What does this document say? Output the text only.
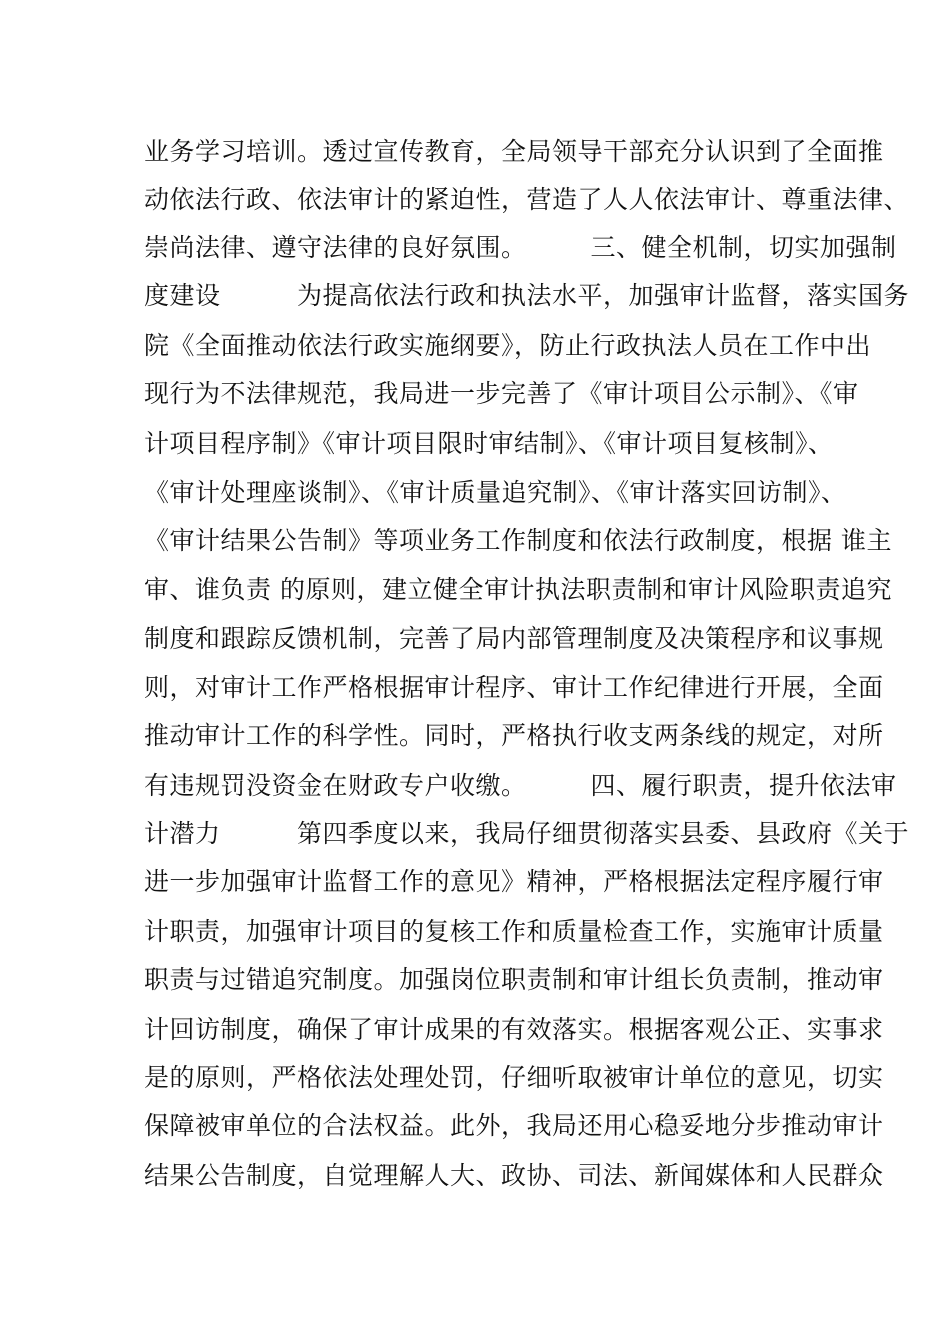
业务学习培训。透过宣传教育，全局领导干部充分认识到了全面推
动依法行政、依法审计的紧迫性，营造了人人依法审计、尊重法律、
崇尚法律、遵守法律的良好氛围。　　　三、健全机制，切实加强制
度建设　　　为提高依法行政和执法水平，加强审计监督，落实国务
院《全面推动依法行政实施纲要》，防止行政执法人员在工作中出
现行为不法律规范，我局进一步完善了《审计项目公示制》、《审
计项目程序制》《审计项目限时审结制》、《审计项目复核制》、
《审计处理座谈制》、《审计质量追究制》、《审计落实回访制》、
《审计结果公告制》等项业务工作制度和依法行政制度，根据 谁主
审、谁负责 的原则，建立健全审计执法职责制和审计风险职责追究
制度和跟踪反馈机制，完善了局内部管理制度及决策程序和议事规
则，对审计工作严格根据审计程序、审计工作纪律进行开展，全面
推动审计工作的科学性。同时，严格执行收支两条线的规定，对所
有违规罚没资金在财政专户收缴。　　　四、履行职责，提升依法审
计潜力　　　第四季度以来，我局仔细贯彻落实县委、县政府《关于
进一步加强审计监督工作的意见》精神，严格根据法定程序履行审
计职责，加强审计项目的复核工作和质量检查工作，实施审计质量
职责与过错追究制度。加强岗位职责制和审计组长负责制，推动审
计回访制度，确保了审计成果的有效落实。根据客观公正、实事求
是的原则，严格依法处理处罚，仔细听取被审计单位的意见，切实
保障被审单位的合法权益。此外，我局还用心稳妥地分步推动审计
结果公告制度，自觉理解人大、政协、司法、新闻媒体和人民群众
